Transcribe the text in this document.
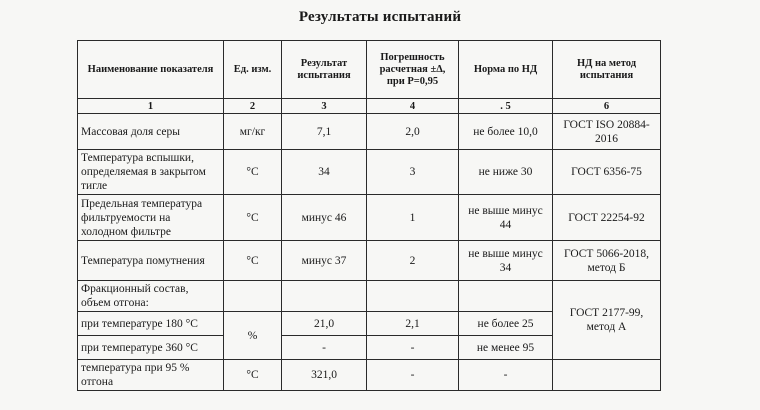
Результаты испытаний
Наименование показателя	Ед. изм.	Результат испытания	Погрешность расчетная ±Δ, при Р=0,95	Норма по НД	НД на метод испытания
1	2	3	4	. 5	6
Массовая доля серы	мг/кг	7,1	2,0	не более 10,0	ГОСТ ISO 20884-2016
Температура вспышки, определяемая в закрытом тигле	°C	34	3	не ниже 30	ГОСТ 6356-75
Предельная температура фильтруемости на холодном фильтре	°C	минус 46	1	не выше минус 44	ГОСТ 22254-92
Температура помутнения	°C	минус 37	2	не выше минус 34	ГОСТ 5066-2018, метод Б
Фракционный состав, объем отгона:					ГОСТ 2177-99, метод А
при температуре 180 °C	%	21,0	2,1	не более 25	
при температуре 360 °C		-	-	не менее 95	
температура при 95 % отгона	°C	321,0	-	-	
